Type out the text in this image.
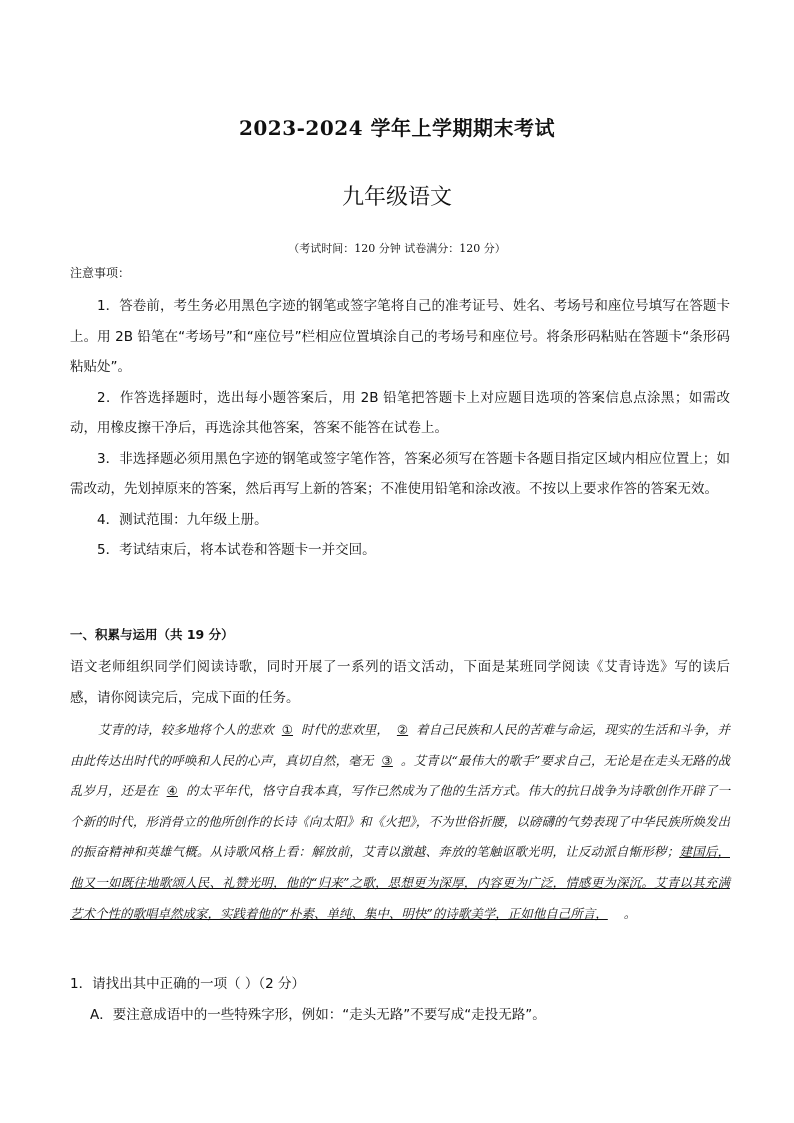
2023-2024 学年上学期期末考试
九年级语文
（考试时间：120 分钟 试卷满分：120 分）
注意事项：

1．答卷前，考生务必用黑色字迹的钢笔或签字笔将自己的准考证号、姓名、考场号和座位号填写在答题卡上。用 2B 铅笔在“考场号”和“座位号”栏相应位置填涂自己的考场号和座位号。将条形码粘贴在答题卡“条形码粘贴处”。

2．作答选择题时，选出每小题答案后，用 2B 铅笔把答题卡上对应题目选项的答案信息点涂黑；如需改动，用橡皮擦干净后，再选涂其他答案，答案不能答在试卷上。

3．非选择题必须用黑色字迹的钢笔或签字笔作答，答案必须写在答题卡各题目指定区域内相应位置上；如需改动，先划掉原来的答案，然后再写上新的答案；不准使用铅笔和涂改液。不按以上要求作答的答案无效。

4．测试范围：九年级上册。

5．考试结束后，将本试卷和答题卡一并交回。

一、积累与运用（共 19 分）

语文老师组织同学们阅读诗歌，同时开展了一系列的语文活动，下面是某班同学阅读《艾青诗选》写的读后感，请你阅读完后，完成下面的任务。

艾青的诗，较多地将个人的悲欢 ① 时代的悲欢里， ② 着自己民族和人民的苦难与命运，现实的生活和斗争，并由此传达出时代的呼唤和人民的心声，真切自然，毫无 ③ 。艾青以“最伟大的歌手”要求自己，无论是在走头无路的战乱岁月，还是在 ④ 的太平年代，恪守自我本真，写作已然成为了他的生活方式。伟大的抗日战争为诗歌创作开辟了一个新的时代，形消骨立的他所创作的长诗《向太阳》和《火把》，不为世俗折腰，以磅礴的气势表现了中华民族所焕发出的振奋精神和英雄气概。从诗歌风格上看：解放前，艾青以激越、奔放的笔触讴歌光明，让反动派自惭形秽；建国后，他又一如既往地歌颂人民、礼赞光明，他的“归来”之歌，思想更为深厚，内容更为广泛，情感更为深沉。艾青以其充满艺术个性的歌唱卓然成家，实践着他的“朴素、单纯、集中、明快”的诗歌美学，正如他自己所言， 。

1．请找出其中正确的一项（ ）（2 分）
A．要注意成语中的一些特殊字形，例如：“走头无路”不要写成“走投无路”。
